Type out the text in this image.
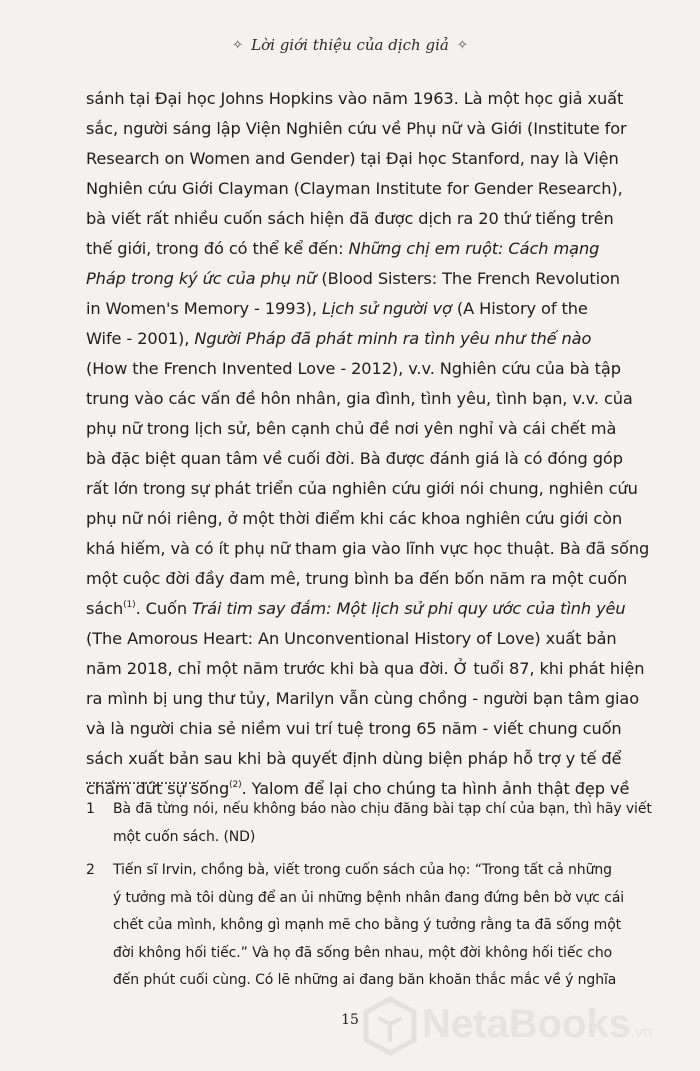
✧ Lời giới thiệu của dịch giả ✧
sánh tại Đại học Johns Hopkins vào năm 1963. Là một học giả xuất
sắc, người sáng lập Viện Nghiên cứu về Phụ nữ và Giới (Institute for
Research on Women and Gender) tại Đại học Stanford, nay là Viện
Nghiên cứu Giới Clayman (Clayman Institute for Gender Research),
bà viết rất nhiều cuốn sách hiện đã được dịch ra 20 thứ tiếng trên
thế giới, trong đó có thể kể đến: Những chị em ruột: Cách mạng
Pháp trong ký ức của phụ nữ (Blood Sisters: The French Revolution
in Women's Memory - 1993), Lịch sử người vợ (A History of the
Wife - 2001), Người Pháp đã phát minh ra tình yêu như thế nào
(How the French Invented Love - 2012), v.v. Nghiên cứu của bà tập
trung vào các vấn đề hôn nhân, gia đình, tình yêu, tình bạn, v.v. của
phụ nữ trong lịch sử, bên cạnh chủ đề nơi yên nghỉ và cái chết mà
bà đặc biệt quan tâm về cuối đời. Bà được đánh giá là có đóng góp
rất lớn trong sự phát triển của nghiên cứu giới nói chung, nghiên cứu
phụ nữ nói riêng, ở một thời điểm khi các khoa nghiên cứu giới còn
khá hiếm, và có ít phụ nữ tham gia vào lĩnh vực học thuật. Bà đã sống
một cuộc đời đầy đam mê, trung bình ba đến bốn năm ra một cuốn
sách$^{(1)}$. Cuốn Trái tim say đắm: Một lịch sử phi quy ước của tình yêu
(The Amorous Heart: An Unconventional History of Love) xuất bản
năm 2018, chỉ một năm trước khi bà qua đời. Ở tuổi 87, khi phát hiện
ra mình bị ung thư tủy, Marilyn vẫn cùng chồng - người bạn tâm giao
và là người chia sẻ niềm vui trí tuệ trong 65 năm - viết chung cuốn
sách xuất bản sau khi bà quyết định dùng biện pháp hỗ trợ y tế để
chấm dứt sự sống$^{(2)}$. Yalom để lại cho chúng ta hình ảnh thật đẹp về
1 Bà đã từng nói, nếu không báo nào chịu đăng bài tạp chí của bạn, thì hãy viết
một cuốn sách. (ND)
2 Tiến sĩ Irvin, chồng bà, viết trong cuốn sách của họ: “Trong tất cả những
ý tưởng mà tôi dùng để an ủi những bệnh nhân đang đứng bên bờ vực cái
chết của mình, không gì mạnh mẽ cho bằng ý tưởng rằng ta đã sống một
đời không hối tiếc.” Và họ đã sống bên nhau, một đời không hối tiếc cho
đến phút cuối cùng. Có lẽ những ai đang băn khoăn thắc mắc về ý nghĩa
15	NetaBooks.vn
